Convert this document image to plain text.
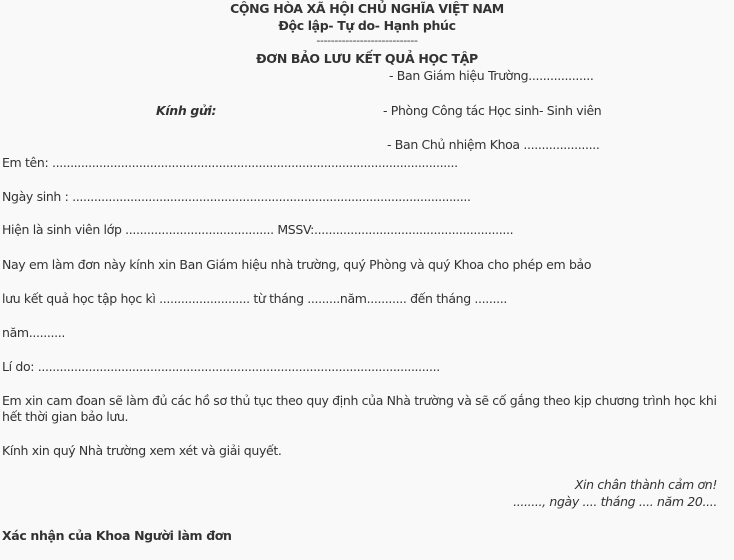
CỘNG HÒA XÃ HỘI CHỦ NGHĨA VIỆT NAM
Độc lập- Tự do- Hạnh phúc
----------------------------
ĐƠN BẢO LƯU KẾT QUẢ HỌC TẬP
- Ban Giám hiệu Trường..................
Kính gửi:	- Phòng Công tác Học sinh- Sinh viên
- Ban Chủ nhiệm Khoa .....................
Em tên: ................................................................................................................
Ngày sinh : ..............................................................................................................
Hiện là sinh viên lớp ......................................... MSSV:.......................................................
Nay em làm đơn này kính xin Ban Giám hiệu nhà trường, quý Phòng và quý Khoa cho phép em bảo
lưu kết quả học tập học kì ......................... từ tháng .........năm........... đến tháng .........
năm..........
Lí do: ...............................................................................................................
Em xin cam đoan sẽ làm đủ các hồ sơ thủ tục theo quy định của Nhà trường và sẽ cố gắng theo kịp chương trình học khi hết thời gian bảo lưu.
Kính xin quý Nhà trường xem xét và giải quyết.
Xin chân thành cảm ơn!
........, ngày .... tháng .... năm 20....
Xác nhận của Khoa Người làm đơn
